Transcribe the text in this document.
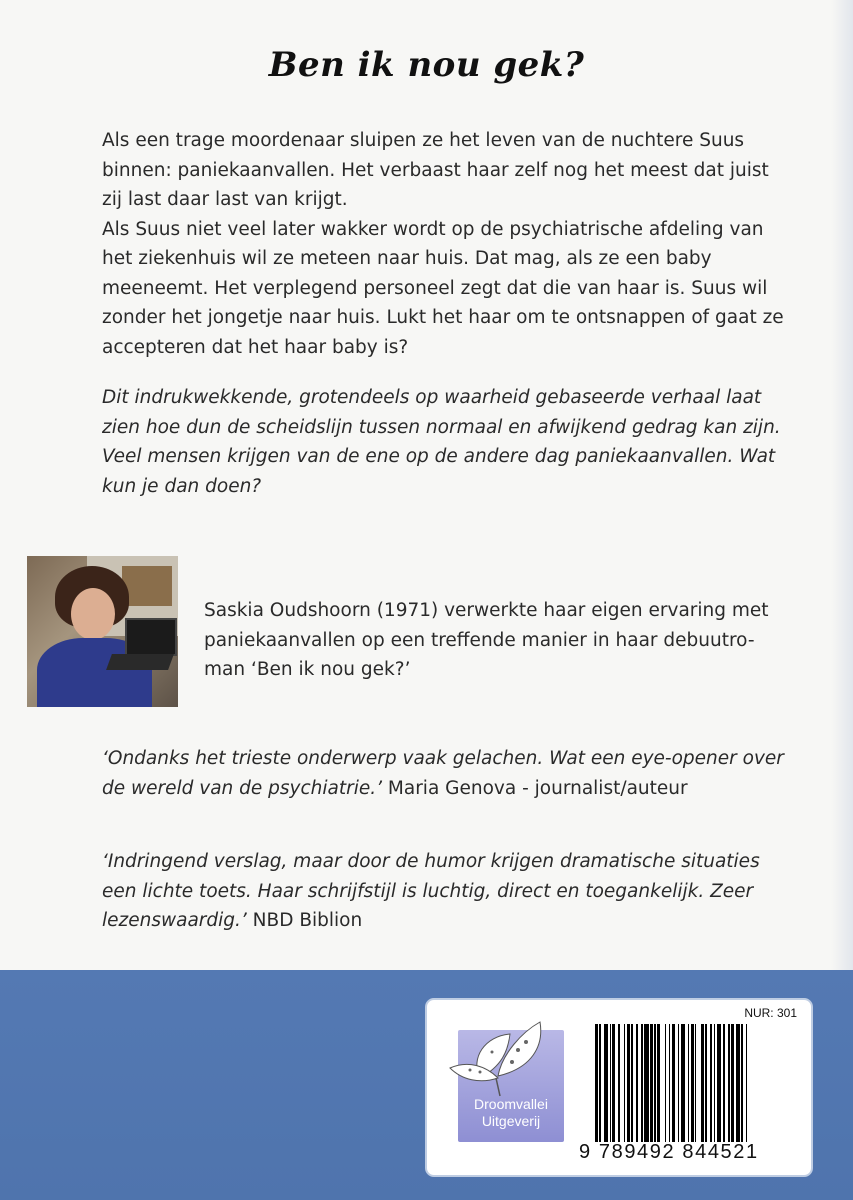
Ben ik nou gek?

Als een trage moordenaar sluipen ze het leven van de nuchtere Suus binnen: paniekaanvallen. Het verbaast haar zelf nog het meest dat juist zij last daar last van krijgt.

Als Suus niet veel later wakker wordt op de psychiatrische afdeling van het ziekenhuis wil ze meteen naar huis. Dat mag, als ze een baby meeneemt. Het verplegend personeel zegt dat die van haar is. Suus wil zonder het jongetje naar huis. Lukt het haar om te ontsnappen of gaat ze accepteren dat het haar baby is?

Dit indrukwekkende, grotendeels op waarheid gebaseerde verhaal laat zien hoe dun de scheidslijn tussen normaal en afwijkend gedrag kan zijn. Veel mensen krijgen van de ene op de andere dag paniekaanvallen. Wat kun je dan doen?
Saskia Oudshoorn (1971) verwerkte haar eigen ervaring met paniekaanvallen op een treffende manier in haar debuutro-man ‘Ben ik nou gek?’
‘Ondanks het trieste onderwerp vaak gelachen. Wat een eye-opener over de wereld van de psychiatrie.’ Maria Genova - journalist/auteur
‘Indringend verslag, maar door de humor krijgen dramatische situaties een lichte toets. Haar schrijfstijl is luchtig, direct en toegankelijk. Zeer lezenswaardig.’ NBD Biblion
Droomvallei
Uitgeverij
NUR: 301
9 789492 844521
